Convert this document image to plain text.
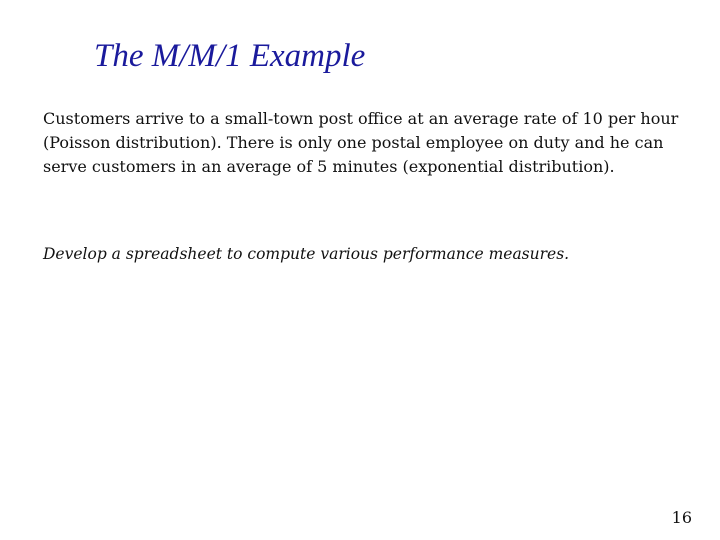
The M/M/1 Example

Customers arrive to a small-town post office at an average rate of 10 per hour (Poisson distribution). There is only one postal employee on duty and he can serve customers in an average of 5 minutes (exponential distribution).

Develop a spreadsheet to compute various performance measures.

16
